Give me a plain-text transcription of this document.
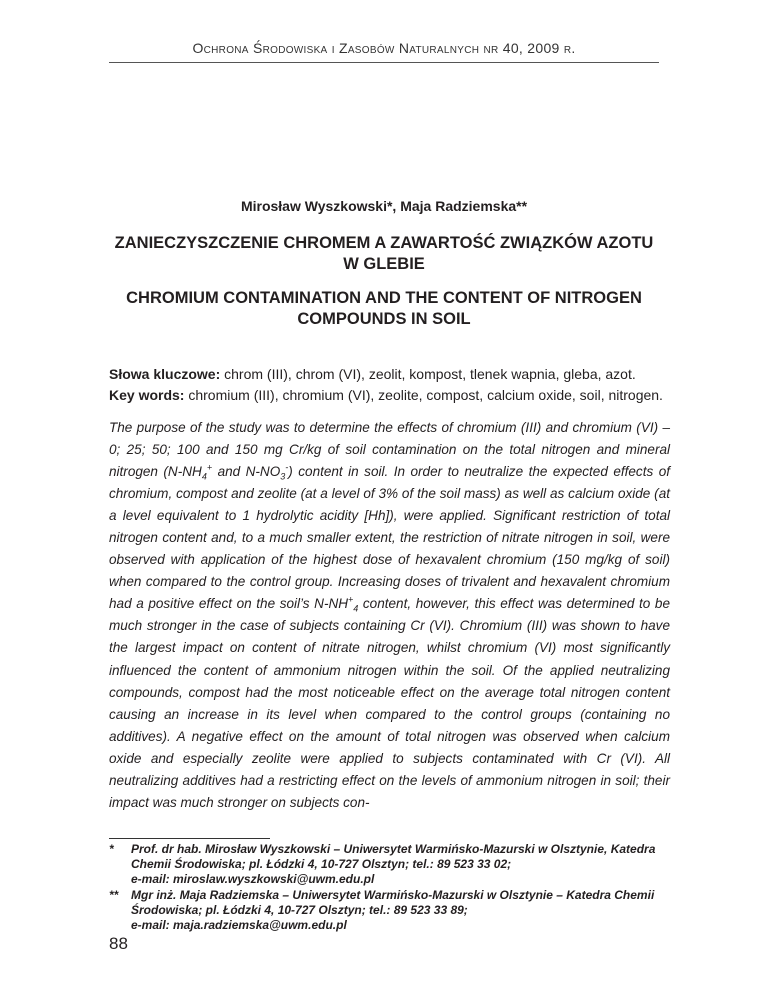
Ochrona Środowiska i Zasobów Naturalnych nr 40, 2009 r.
Mirosław Wyszkowski*, Maja Radziemska**
ZANIECZYSZCZENIE CHROMEM A ZAWARTOŚĆ ZWIĄZKÓW AZOTU W GLEBIE
CHROMIUM CONTAMINATION AND THE CONTENT OF NITROGEN COMPOUNDS IN SOIL
Słowa kluczowe: chrom (III), chrom (VI), zeolit, kompost, tlenek wapnia, gleba, azot.
Key words: chromium (III), chromium (VI), zeolite, compost, calcium oxide, soil, nitrogen.
The purpose of the study was to determine the effects of chromium (III) and chromium (VI) – 0; 25; 50; 100 and 150 mg Cr/kg of soil contamination on the total nitrogen and mineral nitrogen ($N-NH_4^+$ and $N-NO_3^-$) content in soil. In order to neutralize the expected effects of chromium, compost and zeolite (at a level of 3% of the soil mass) as well as calcium oxide (at a level equivalent to 1 hydrolytic acidity [Hh]), were applied. Significant restriction of total nitrogen content and, to a much smaller extent, the restriction of nitrate nitrogen in soil, were observed with application of the highest dose of hexavalent chromium (150 mg/kg of soil) when compared to the control group. Increasing doses of trivalent and hexavalent chromium had a positive effect on the soil’s $N-NH^+_4$ content, however, this effect was determined to be much stronger in the case of subjects containing Cr (VI). Chromium (III) was shown to have the largest impact on content of nitrate nitrogen, whilst chromium (VI) most significantly influenced the content of ammonium nitrogen within the soil. Of the applied neutralizing compounds, compost had the most noticeable effect on the average total nitrogen content causing an increase in its level when compared to the control groups (containing no additives). A negative effect on the amount of total nitrogen was observed when calcium oxide and especially zeolite were applied to subjects contaminated with Cr (VI). All neutralizing additives had a restricting effect on the levels of ammonium nitrogen in soil; their impact was much stronger on subjects con-
*	Prof. dr hab. Mirosław Wyszkowski – Uniwersytet Warmińsko-Mazurski w Olsztynie, Katedra
Chemii Środowiska; pl. Łódzki 4, 10-727 Olsztyn; tel.: 89 523 33 02;
e-mail: miroslaw.wyszkowski@uwm.edu.pl
**	Mgr inż. Maja Radziemska – Uniwersytet Warmińsko-Mazurski w Olsztynie – Katedra Chemii
Środowiska; pl. Łódzki 4, 10-727 Olsztyn; tel.: 89 523 33 89;
e-mail: maja.radziemska@uwm.edu.pl
88
